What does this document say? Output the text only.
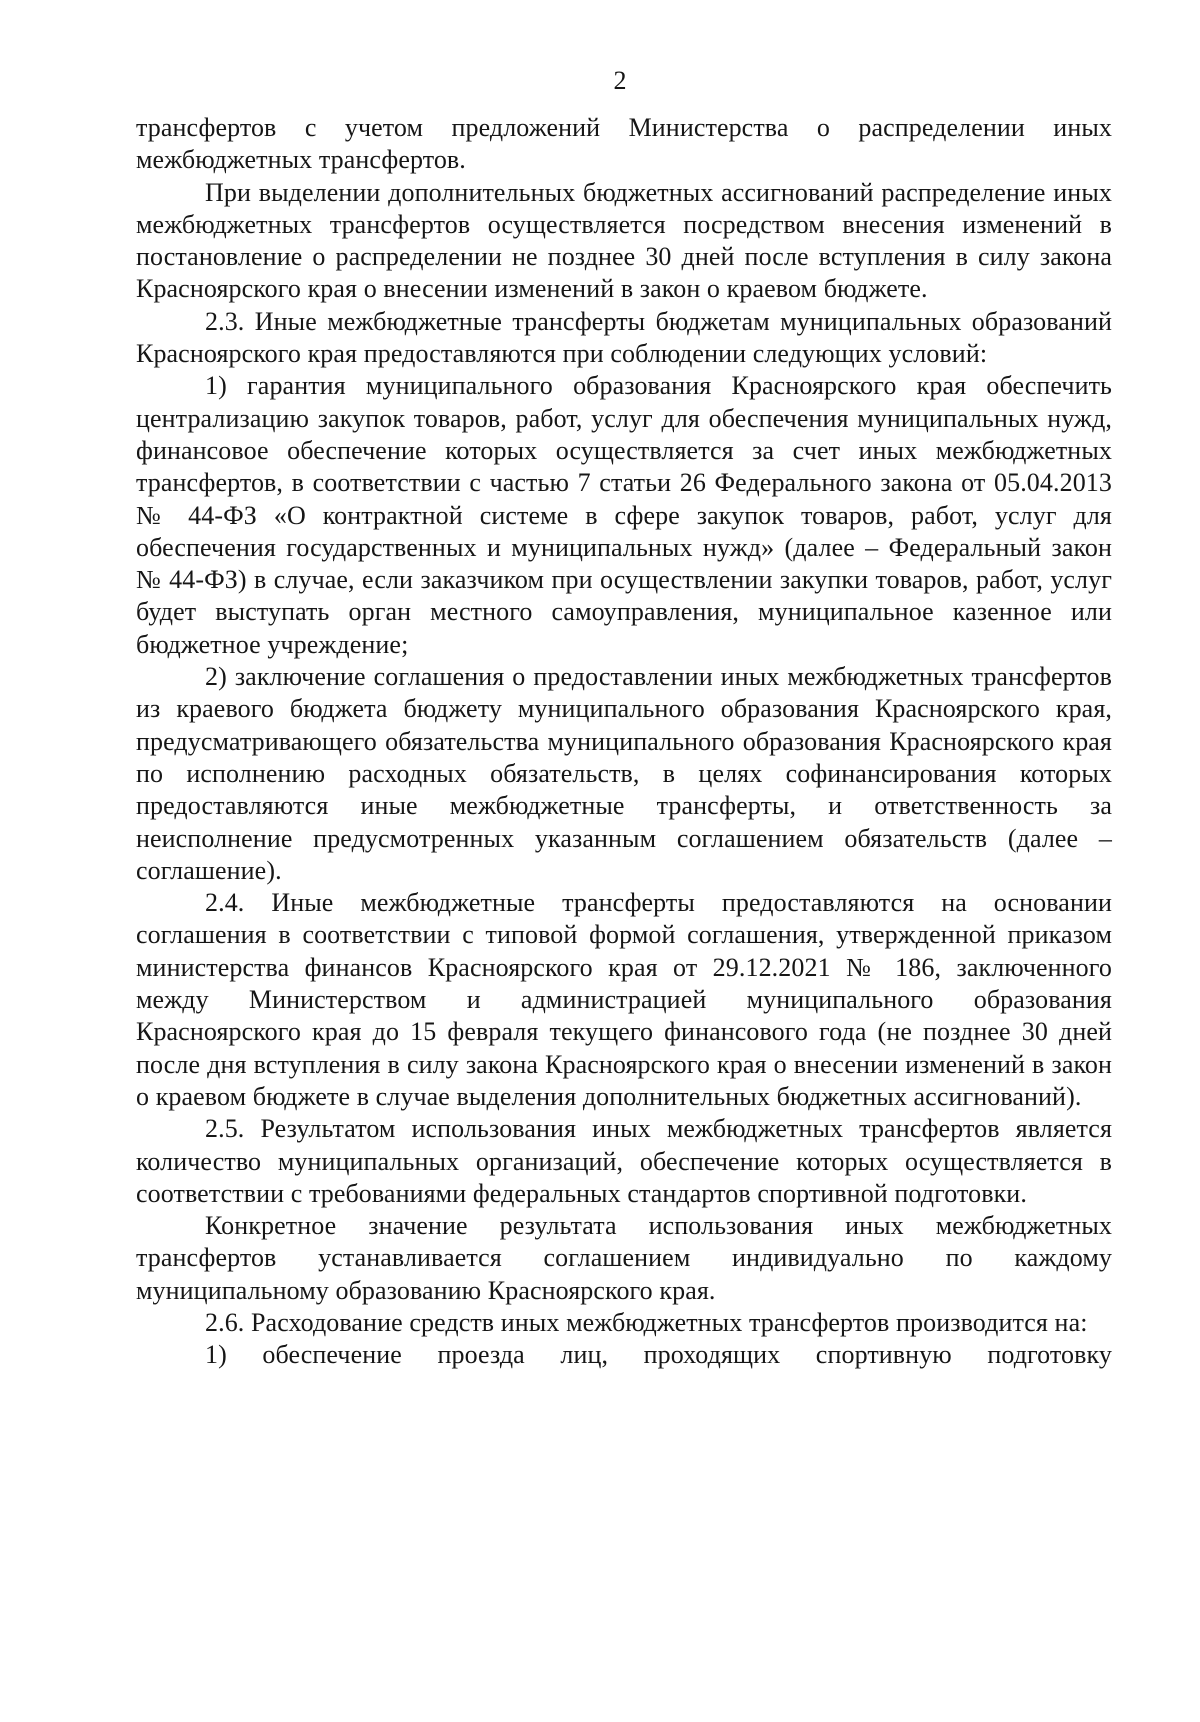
2

трансфертов с учетом предложений Министерства о распределении иных межбюджетных трансфертов.

При выделении дополнительных бюджетных ассигнований распределение иных межбюджетных трансфертов осуществляется посредством внесения изменений в постановление о распределении не позднее 30 дней после вступления в силу закона Красноярского края о внесении изменений в закон о краевом бюджете.

2.3. Иные межбюджетные трансферты бюджетам муниципальных образований Красноярского края предоставляются при соблюдении следующих условий:

1) гарантия муниципального образования Красноярского края обеспечить централизацию закупок товаров, работ, услуг для обеспечения муниципальных нужд, финансовое обеспечение которых осуществляется за счет иных межбюджетных трансфертов, в соответствии с частью 7 статьи 26 Федерального закона от 05.04.2013 № 44-ФЗ «О контрактной системе в сфере закупок товаров, работ, услуг для обеспечения государственных и муниципальных нужд» (далее – Федеральный закон № 44-ФЗ) в случае, если заказчиком при осуществлении закупки товаров, работ, услуг будет выступать орган местного самоуправления, муниципальное казенное или бюджетное учреждение;

2) заключение соглашения о предоставлении иных межбюджетных трансфертов из краевого бюджета бюджету муниципального образования Красноярского края, предусматривающего обязательства муниципального образования Красноярского края по исполнению расходных обязательств, в целях софинансирования которых предоставляются иные межбюджетные трансферты, и ответственность за неисполнение предусмотренных указанным соглашением обязательств (далее – соглашение).

2.4. Иные межбюджетные трансферты предоставляются на основании соглашения в соответствии с типовой формой соглашения, утвержденной приказом министерства финансов Красноярского края от 29.12.2021 № 186, заключенного между Министерством и администрацией муниципального образования Красноярского края до 15 февраля текущего финансового года (не позднее 30 дней после дня вступления в силу закона Красноярского края о внесении изменений в закон о краевом бюджете в случае выделения дополнительных бюджетных ассигнований).

2.5. Результатом использования иных межбюджетных трансфертов является количество муниципальных организаций, обеспечение которых осуществляется в соответствии с требованиями федеральных стандартов спортивной подготовки.

Конкретное значение результата использования иных межбюджетных трансфертов устанавливается соглашением индивидуально по каждому муниципальному образованию Красноярского края.

2.6. Расходование средств иных межбюджетных трансфертов производится на:

1) обеспечение проезда лиц, проходящих спортивную подготовку
